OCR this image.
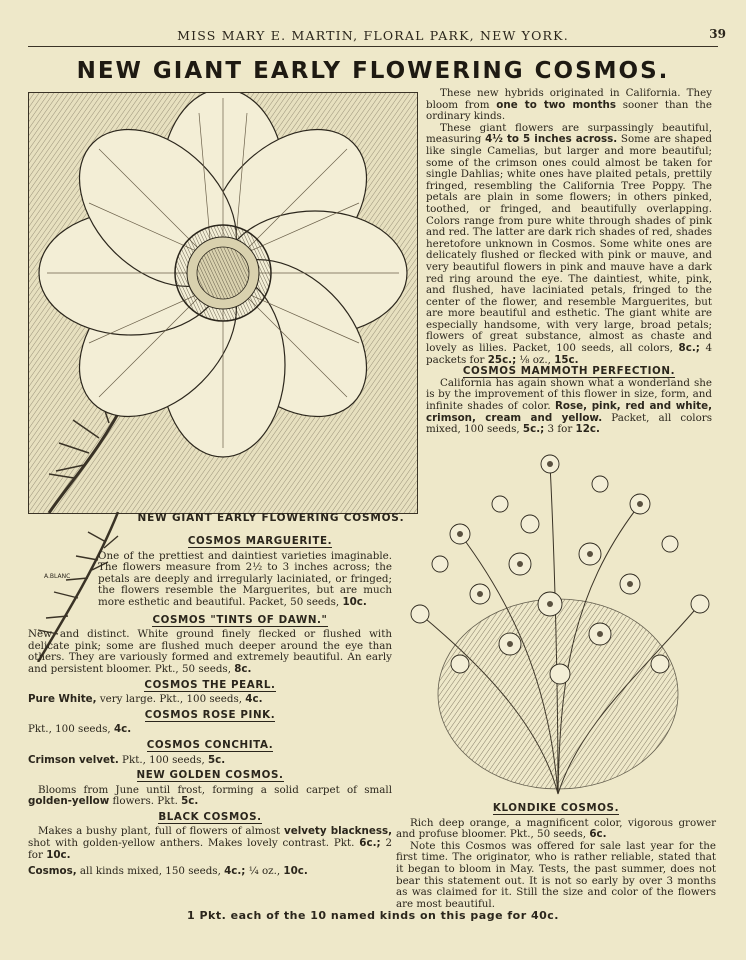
MISS MARY E. MARTIN, FLORAL PARK, NEW YORK.	39
NEW GIANT EARLY FLOWERING COSMOS.
A.BLANC
NEW GIANT EARLY FLOWERING COSMOS.

These new hybrids originated in California. They bloom from one to two months sooner than the ordinary kinds.

These giant flowers are surpassingly beautiful, measuring 4½ to 5 inches across. Some are shaped like single Camelias, but larger and more beautiful; some of the crimson ones could almost be taken for single Dahlias; white ones have plaited petals, prettily fringed, resembling the California Tree Poppy. The petals are plain in some flowers; in others pinked, toothed, or fringed, and beautifully overlapping. Colors range from pure white through shades of pink and red. The latter are dark rich shades of red, shades heretofore unknown in Cosmos. Some white ones are delicately flushed or flecked with pink or mauve, and very beautiful flowers in pink and mauve have a dark red ring around the eye. The daintiest, white, pink, and flushed, have laciniated petals, fringed to the center of the flower, and resemble Marguerites, but are more beautiful and esthetic. The giant white are especially handsome, with very large, broad petals; flowers of great substance, almost as chaste and lovely as lilies. Packet, 100 seeds, all colors, 8c.; 4 packets for 25c.; ⅛ oz., 15c.

COSMOS MAMMOTH PERFECTION.

California has again shown what a wonderland she is by the improvement of this flower in size, form, and infinite shades of color. Rose, pink, red and white, crimson, cream and yellow. Packet, all colors mixed, 100 seeds, 5c.; 3 for 12c.

COSMOS MARGUERITE.

One of the prettiest and daintiest varieties imaginable. The flowers measure from 2½ to 3 inches across; the petals are deeply and irregularly laciniated, or fringed; the flowers resemble the Marguerites, but are much more esthetic and beautiful. Packet, 50 seeds, 10c.

COSMOS "TINTS OF DAWN."

New and distinct. White ground finely flecked or flushed with delicate pink; some are flushed much deeper around the eye than others. They are variously formed and extremely beautiful. An early and persistent bloomer. Pkt., 50 seeds, 8c.

COSMOS THE PEARL.

Pure White, very large. Pkt., 100 seeds, 4c.

COSMOS ROSE PINK.

Pkt., 100 seeds, 4c.

COSMOS CONCHITA.

Crimson velvet. Pkt., 100 seeds, 5c.

NEW GOLDEN COSMOS.

Blooms from June until frost, forming a solid carpet of small golden-yellow flowers. Pkt. 5c.

BLACK COSMOS.

Makes a bushy plant, full of flowers of almost velvety blackness, shot with golden-yellow anthers. Makes lovely contrast. Pkt. 6c.; 2 for 10c.

Cosmos, all kinds mixed, 150 seeds, 4c.; ¼ oz., 10c.

KLONDIKE COSMOS.

Rich deep orange, a magnificent color, vigorous grower and profuse bloomer. Pkt., 50 seeds, 6c.

Note this Cosmos was offered for sale last year for the first time. The originator, who is rather reliable, stated that it began to bloom in May. Tests, the past summer, does not bear this statement out. It is not so early by over 3 months as was claimed for it. Still the size and color of the flowers are most beautiful.

1 Pkt. each of the 10 named kinds on this page for 40c.
